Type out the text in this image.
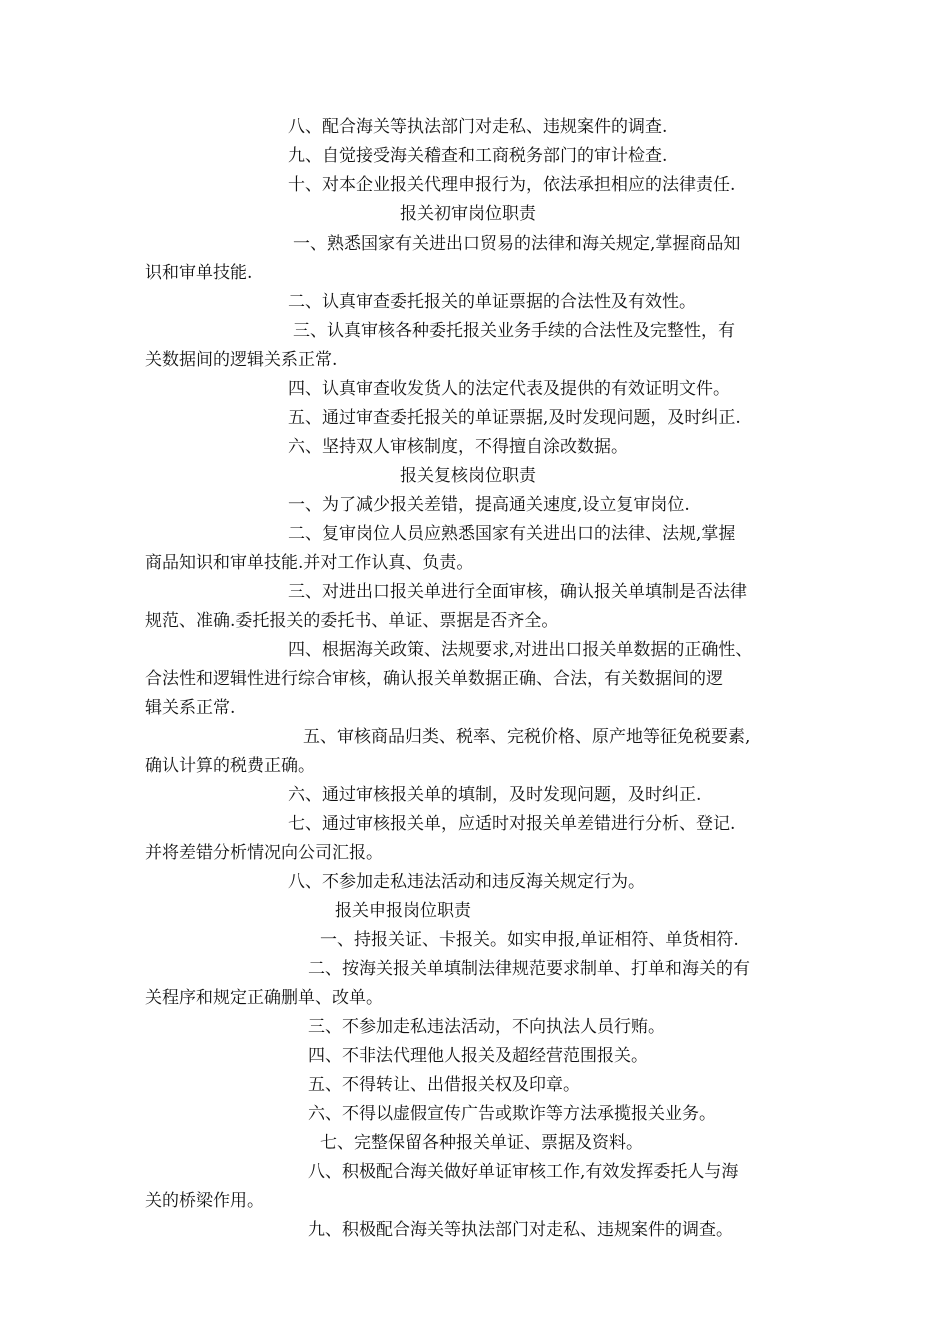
八、配合海关等执法部门对走私、违规案件的调查.
九、自觉接受海关稽查和工商税务部门的审计检查.
十、对本企业报关代理申报行为，依法承担相应的法律责任.
报关初审岗位职责
一、熟悉国家有关进出口贸易的法律和海关规定,掌握商品知
识和审单技能.
二、认真审查委托报关的单证票据的合法性及有效性。
三、认真审核各种委托报关业务手续的合法性及完整性，有
关数据间的逻辑关系正常.
四、认真审查收发货人的法定代表及提供的有效证明文件。
五、通过审查委托报关的单证票据,及时发现问题，及时纠正.
六、坚持双人审核制度，不得擅自涂改数据。
报关复核岗位职责
一、为了减少报关差错，提高通关速度,设立复审岗位.
二、复审岗位人员应熟悉国家有关进出口的法律、法规,掌握
商品知识和审单技能.并对工作认真、负责。
三、对进出口报关单进行全面审核，确认报关单填制是否法律
规范、准确.委托报关的委托书、单证、票据是否齐全。
四、根据海关政策、法规要求,对进出口报关单数据的正确性、
合法性和逻辑性进行综合审核，确认报关单数据正确、合法，有关数据间的逻
辑关系正常.
五、审核商品归类、税率、完税价格、原产地等征免税要素,
确认计算的税费正确。
六、通过审核报关单的填制，及时发现问题，及时纠正.
七、通过审核报关单，应适时对报关单差错进行分析、登记.
并将差错分析情况向公司汇报。
八、不参加走私违法活动和违反海关规定行为。
报关申报岗位职责
一、持报关证、卡报关。如实申报,单证相符、单货相符.
二、按海关报关单填制法律规范要求制单、打单和海关的有
关程序和规定正确删单、改单。
三、不参加走私违法活动，不向执法人员行贿。
四、不非法代理他人报关及超经营范围报关。
五、不得转让、出借报关权及印章。
六、不得以虚假宣传广告或欺诈等方法承揽报关业务。
七、完整保留各种报关单证、票据及资料。
八、积极配合海关做好单证审核工作,有效发挥委托人与海
关的桥梁作用。
九、积极配合海关等执法部门对走私、违规案件的调查。
